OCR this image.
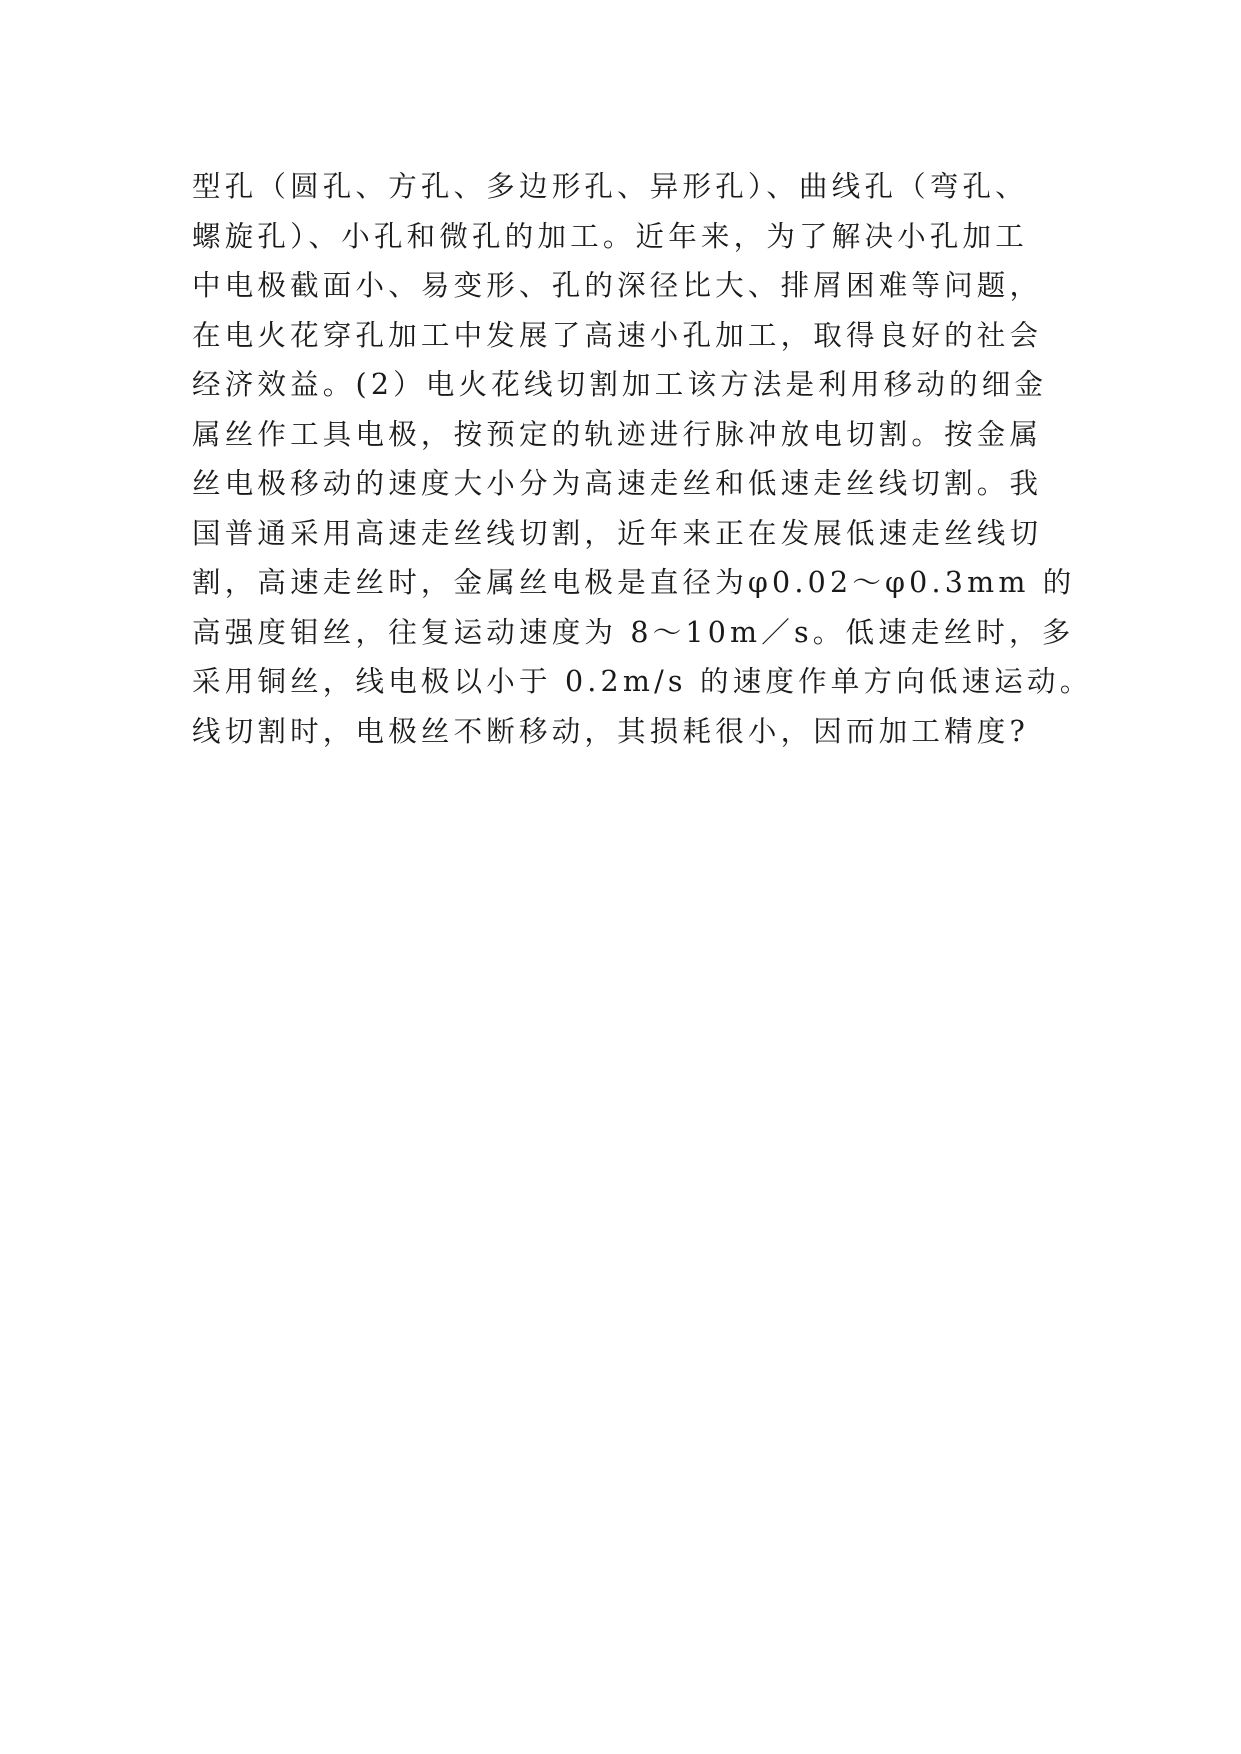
型孔（圆孔、方孔、多边形孔、异形孔）、曲线孔（弯孔、
螺旋孔）、小孔和微孔的加工。近年来，为了解决小孔加工
中电极截面小、易变形、孔的深径比大、排屑困难等问题，
在电火花穿孔加工中发展了高速小孔加工，取得良好的社会
经济效益。(2）电火花线切割加工该方法是利用移动的细金
属丝作工具电极，按预定的轨迹进行脉冲放电切割。按金属
丝电极移动的速度大小分为高速走丝和低速走丝线切割。我
国普通采用高速走丝线切割，近年来正在发展低速走丝线切
割，高速走丝时，金属丝电极是直径为φ0.02～φ0.3mm 的
高强度钼丝，往复运动速度为 8～10m／s。低速走丝时，多
采用铜丝，线电极以小于 0.2m/s 的速度作单方向低速运动。
线切割时，电极丝不断移动，其损耗很小，因而加工精度?
